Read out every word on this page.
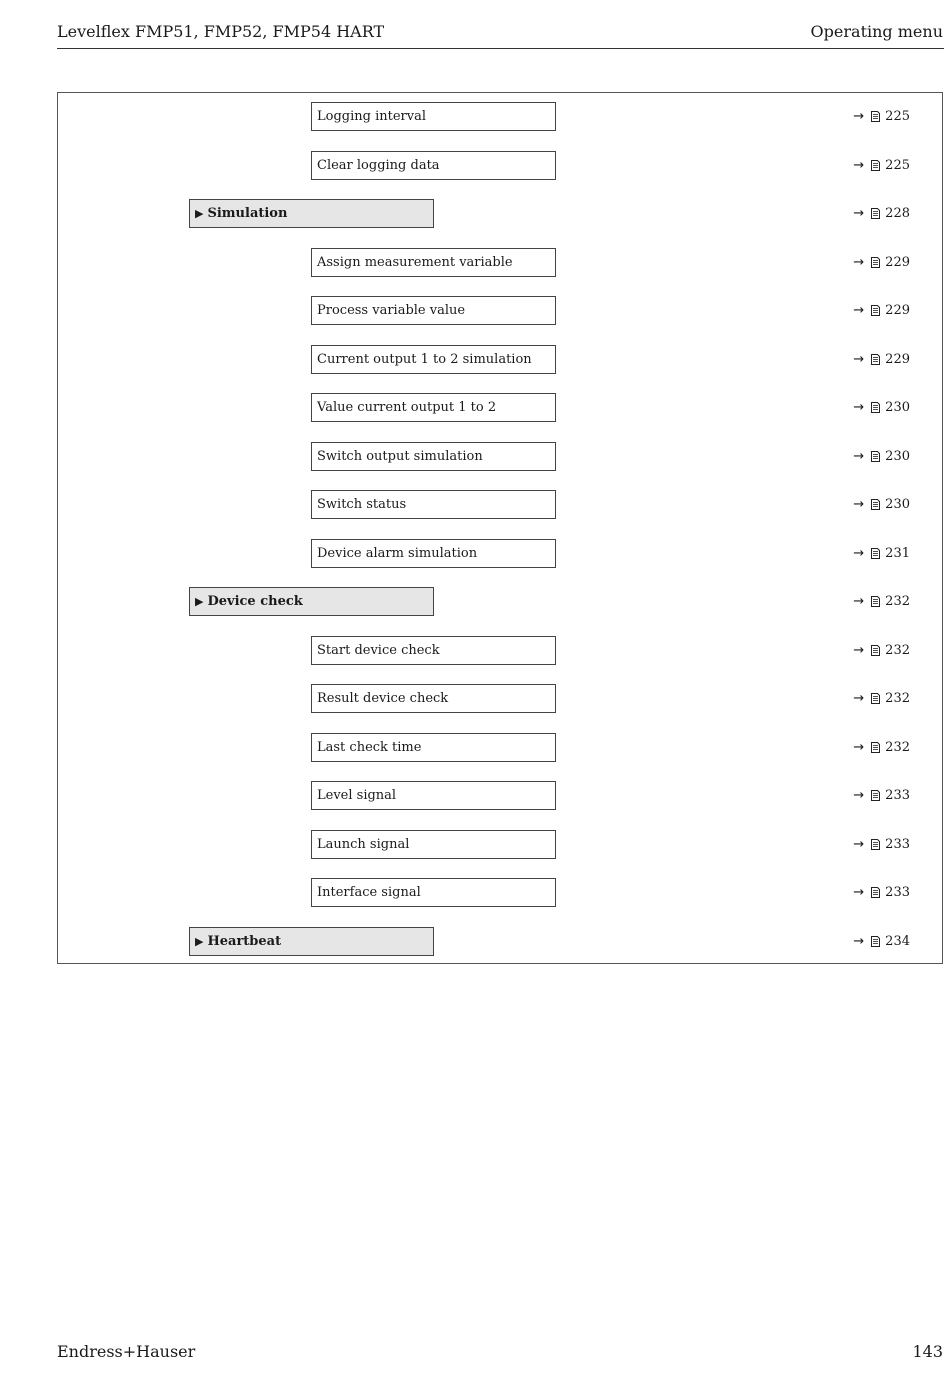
Levelflex FMP51, FMP52, FMP54 HART	Operating menu
Logging interval	→ 225
Clear logging data	→ 225
▶ Simulation	→ 228
Assign measurement variable	→ 229
Process variable value	→ 229
Current output 1 to 2 simulation	→ 229
Value current output 1 to 2	→ 230
Switch output simulation	→ 230
Switch status	→ 230
Device alarm simulation	→ 231
▶ Device check	→ 232
Start device check	→ 232
Result device check	→ 232
Last check time	→ 232
Level signal	→ 233
Launch signal	→ 233
Interface signal	→ 233
▶ Heartbeat	→ 234
Endress+Hauser	143
